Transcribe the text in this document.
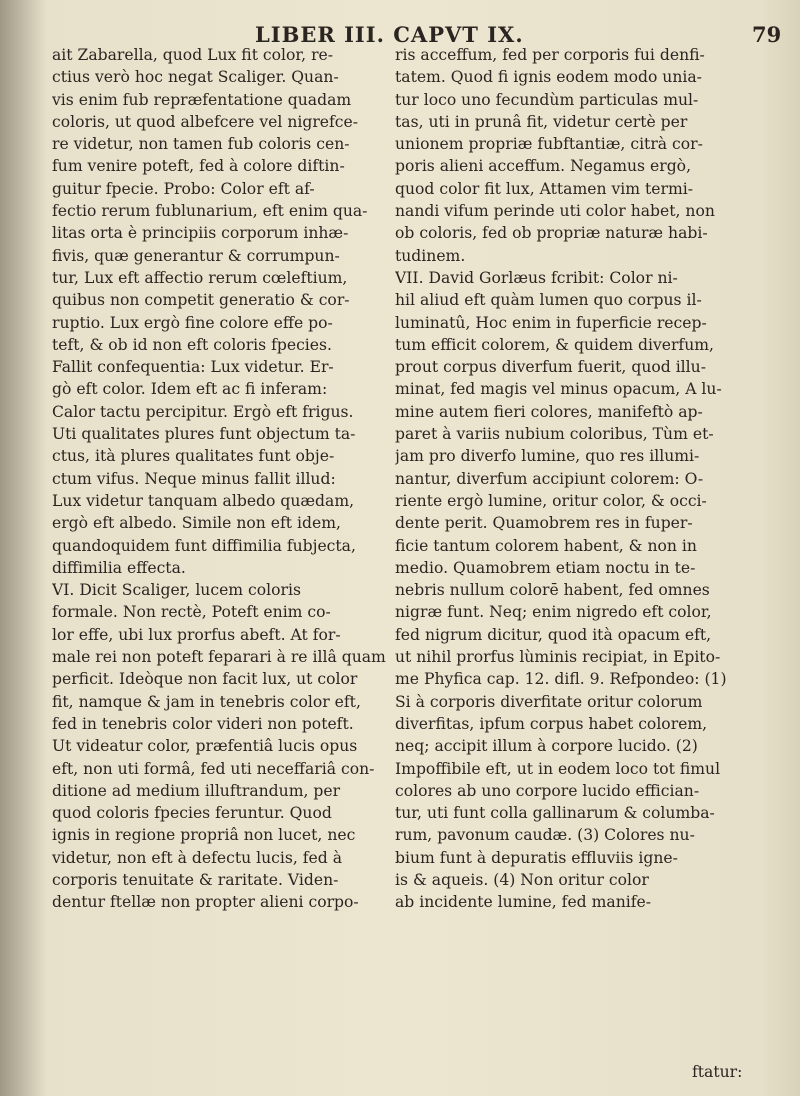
LIBER III. CAPVT IX.	79
ait Zabarella, quod Lux fit color, re-
ctius verò hoc negat Scaliger. Quan-
vis enim fub repræfentatione quadam
coloris, ut quod albefcere vel nigrefce-
re videtur, non tamen fub coloris cen-
fum venire poteft, fed à colore diftin-
guitur fpecie. Probo: Color eft af-
fectio rerum fublunarium, eft enim qua-
litas orta è principiis corporum inhæ-
fivis, quæ generantur & corrumpun-
tur, Lux eft affectio rerum cœleftium,
quibus non competit generatio & cor-
ruptio. Lux ergò fine colore effe po-
teft, & ob id non eft coloris fpecies.
Fallit confequentia: Lux videtur. Er-
gò eft color. Idem eft ac fi inferam:
Calor tactu percipitur. Ergò eft frigus.
Uti qualitates plures funt objectum ta-
ctus, ità plures qualitates funt obje-
ctum vifus. Neque minus fallit illud:
Lux videtur tanquam albedo quædam,
ergò eft albedo. Simile non eft idem,
quandoquidem funt diffimilia fubjecta,
diffimilia effecta.
VI. Dicit Scaliger, lucem coloris
formale. Non rectè, Poteft enim co-
lor effe, ubi lux prorfus abeft. At for-
male rei non poteft feparari à re illâ quam
perficit. Ideòque non facit lux, ut color
fit, namque & jam in tenebris color eft,
fed in tenebris color videri non poteft.
Ut videatur color, præfentiâ lucis opus
eft, non uti formâ, fed uti neceffariâ con-
ditione ad medium illuftrandum, per
quod coloris fpecies feruntur. Quod
ignis in regione propriâ non lucet, nec
videtur, non eft à defectu lucis, fed à
corporis tenuitate & raritate. Viden-
dentur ftellæ non propter alieni corpo-
ris acceffum, fed per corporis fui denfi-
tatem. Quod fi ignis eodem modo unia-
tur loco uno fecundùm particulas mul-
tas, uti in prunâ fit, videtur certè per
unionem propriæ fubftantiæ, citrà cor-
poris alieni acceffum. Negamus ergò,
quod color fit lux, Attamen vim termi-
nandi vifum perinde uti color habet, non
ob coloris, fed ob propriæ naturæ habi-
tudinem.
VII. David Gorlæus fcribit: Color ni-
hil aliud eft quàm lumen quo corpus il-
luminatû, Hoc enim in fuperficie recep-
tum efficit colorem, & quidem diverfum,
prout corpus diverfum fuerit, quod illu-
minat, fed magis vel minus opacum, A lu-
mine autem fieri colores, manifeftò ap-
paret à variis nubium coloribus, Tùm et-
jam pro diverfo lumine, quo res illumi-
nantur, diverfum accipiunt colorem: O-
riente ergò lumine, oritur color, & occi-
dente perit. Quamobrem res in fuper-
ficie tantum colorem habent, & non in
medio. Quamobrem etiam noctu in te-
nebris nullum colorē habent, fed omnes
nigræ funt. Neq; enim nigredo eft color,
fed nigrum dicitur, quod ità opacum eft,
ut nihil prorfus lùminis recipiat, in Epito-
me Phyfica cap. 12. difl. 9. Refpondeo: (1)
Si à corporis diverfitate oritur colorum
diverfitas, ipfum corpus habet colorem,
neq; accipit illum à corpore lucido. (2)
Impoffibile eft, ut in eodem loco tot fimul
colores ab uno corpore lucido effician-
tur, uti funt colla gallinarum & columba-
rum, pavonum caudæ. (3) Colores nu-
bium funt à depuratis effluviis igne-
is & aqueis. (4) Non oritur color
ab incidente lumine, fed manife-
ftatur:
